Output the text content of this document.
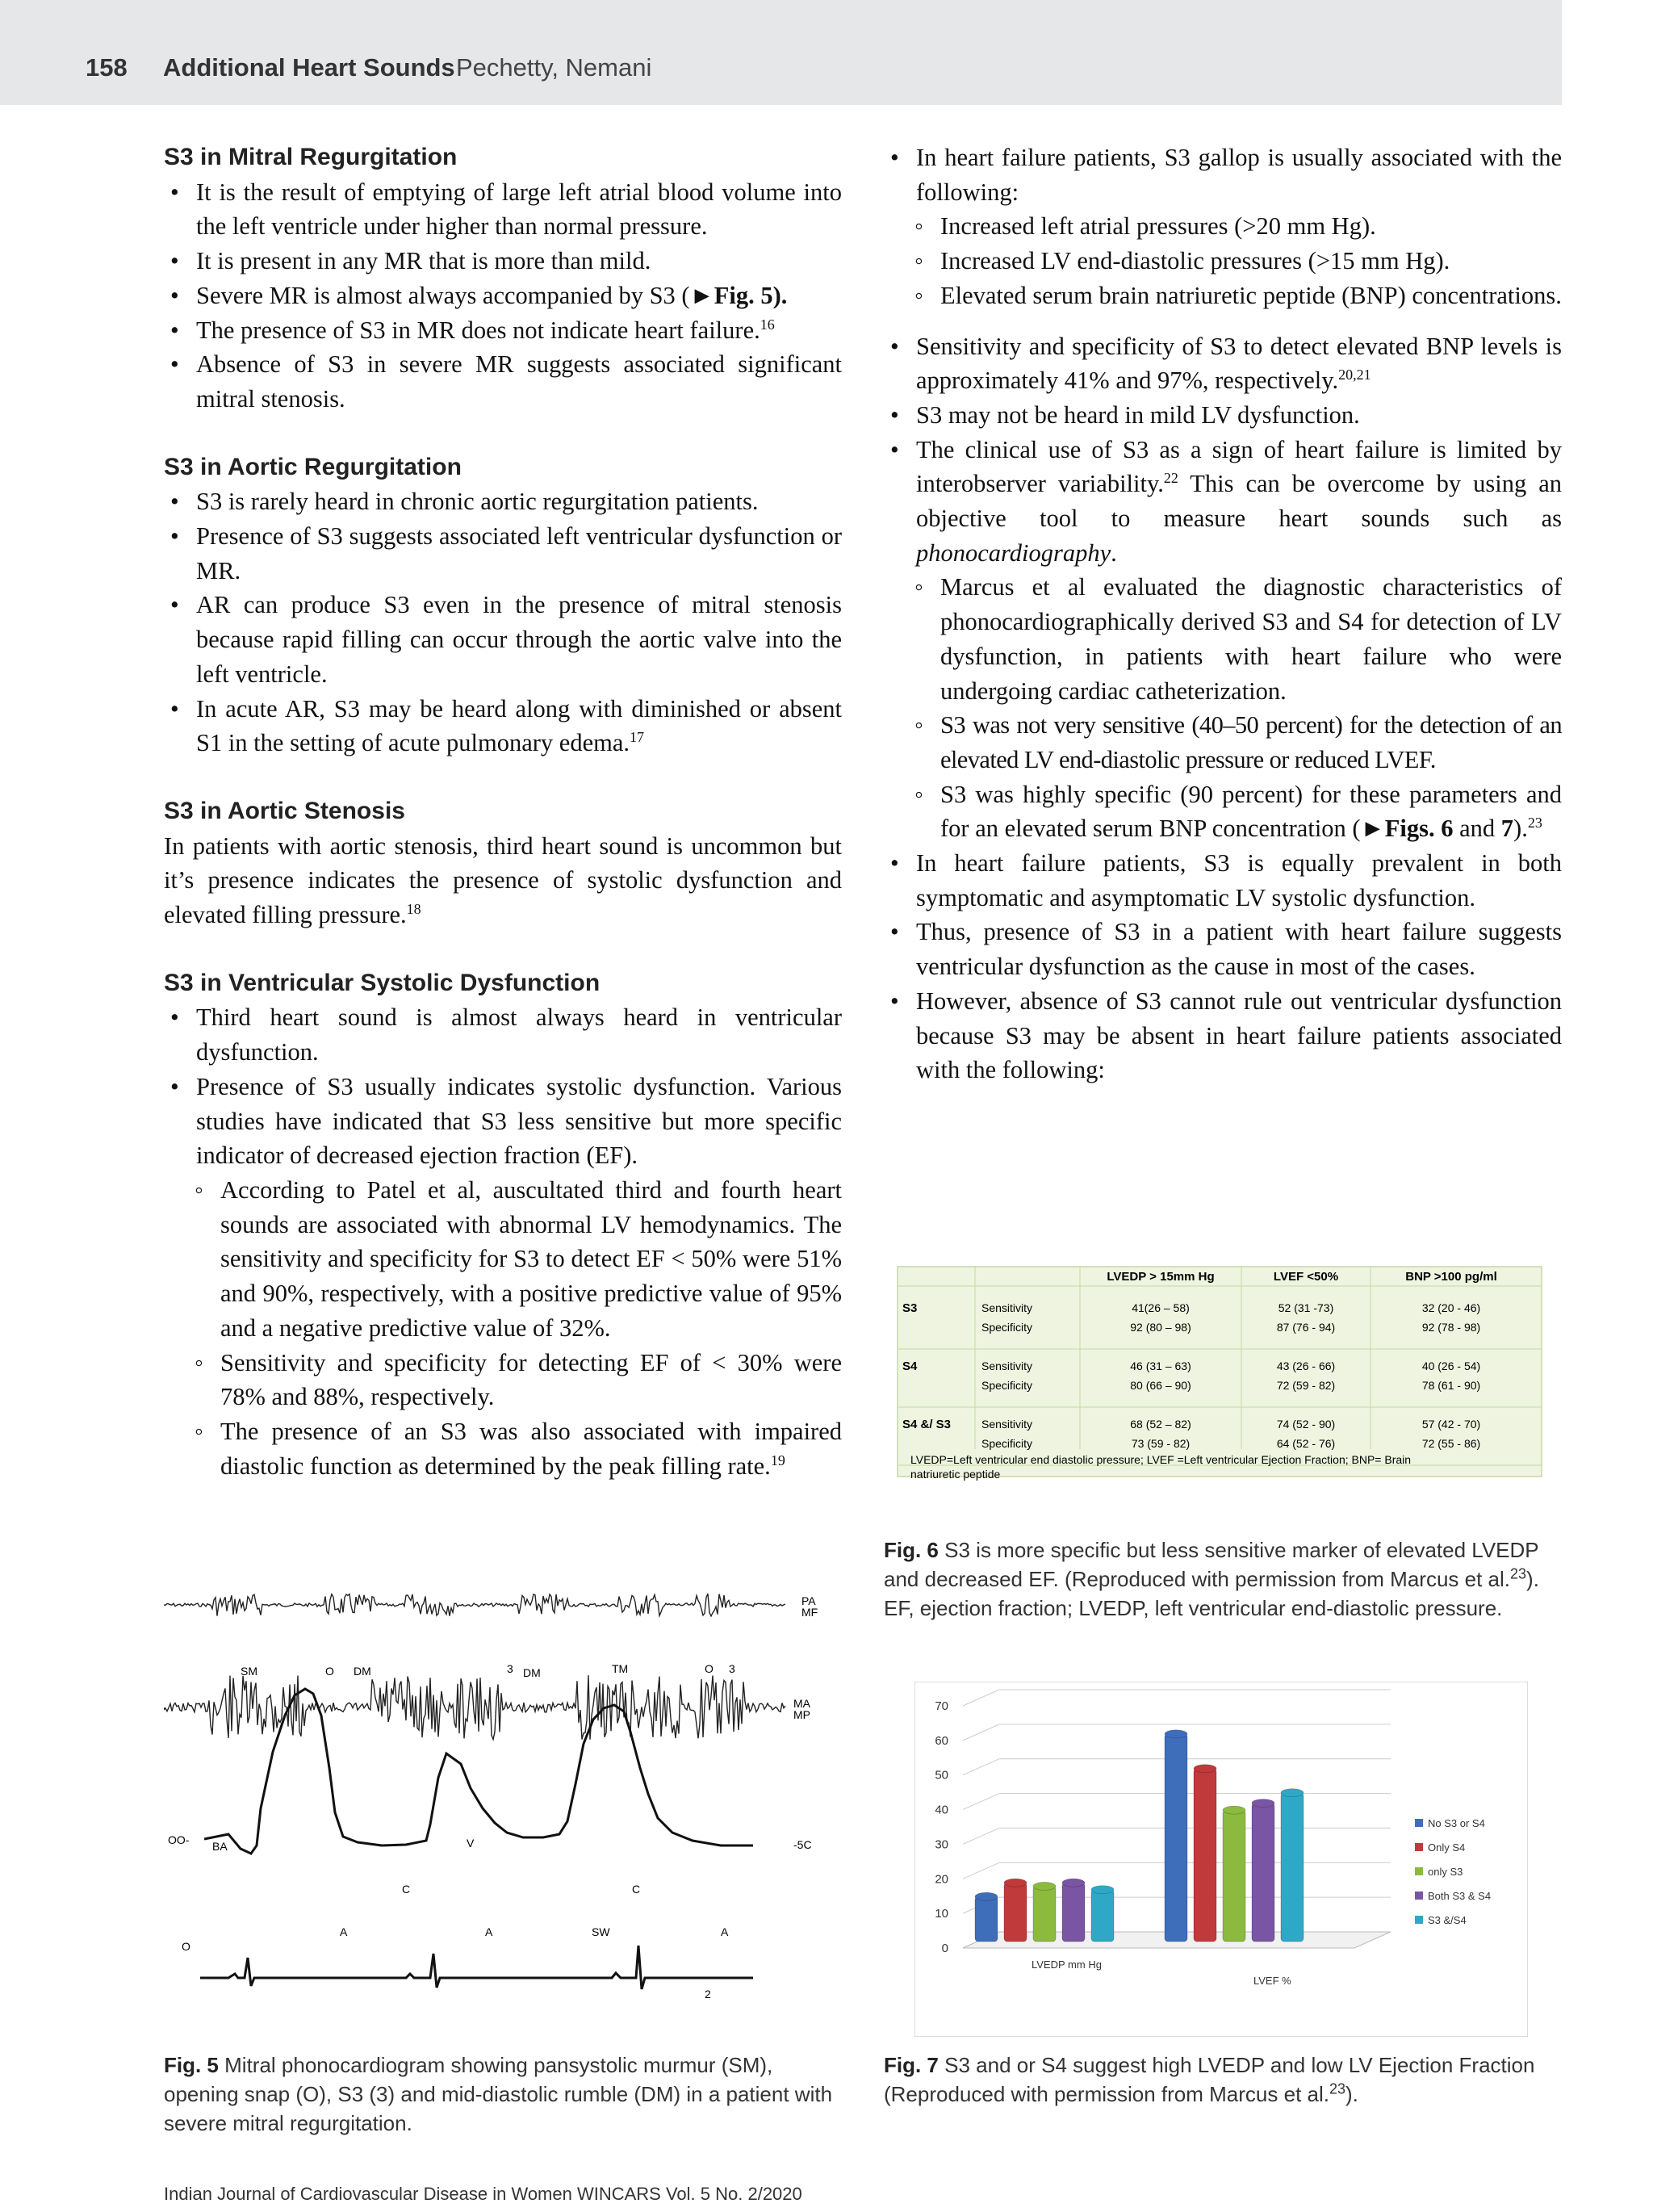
158 Additional Heart Sounds Pechetty, Nemani
S3 in Mitral Regurgitation
• It is the result of emptying of large left atrial blood volume into the left ventricle under higher than normal pressure.
• It is present in any MR that is more than mild.
• Severe MR is almost always accompanied by S3 (►Fig. 5).
• The presence of S3 in MR does not indicate heart failure.$^{16}$
• Absence of S3 in severe MR suggests associated significant mitral stenosis.
S3 in Aortic Regurgitation
• S3 is rarely heard in chronic aortic regurgitation patients.
• Presence of S3 suggests associated left ventricular dysfunction or MR.
• AR can produce S3 even in the presence of mitral stenosis because rapid filling can occur through the aortic valve into the left ventricle.
• In acute AR, S3 may be heard along with diminished or absent S1 in the setting of acute pulmonary edema.$^{17}$
S3 in Aortic Stenosis

In patients with aortic stenosis, third heart sound is uncommon but it’s presence indicates the presence of systolic dysfunction and elevated filling pressure.$^{18}$

S3 in Ventricular Systolic Dysfunction
• Third heart sound is almost always heard in ventricular dysfunction.
• Presence of S3 usually indicates systolic dysfunction. Various studies have indicated that S3 less sensitive but more specific indicator of decreased ejection fraction (EF).
◦ According to Patel et al, auscultated third and fourth heart sounds are associated with abnormal LV hemodynamics. The sensitivity and specificity for S3 to detect EF < 50% were 51% and 90%, respectively, with a positive predictive value of 95% and a negative predictive value of 32%.
◦ Sensitivity and specificity for detecting EF of < 30% were 78% and 88%, respectively.
◦ The presence of an S3 was also associated with impaired diastolic function as determined by the peak filling rate.$^{19}$
• In heart failure patients, S3 gallop is usually associated with the following:
◦ Increased left atrial pressures (>20 mm Hg).
◦ Increased LV end-diastolic pressures (>15 mm Hg).
◦ Elevated serum brain natriuretic peptide (BNP) concentrations.
• Sensitivity and specificity of S3 to detect elevated BNP levels is approximately 41% and 97%, respectively.$^{20,21}$
• S3 may not be heard in mild LV dysfunction.
• The clinical use of S3 as a sign of heart failure is limited by interobserver variability.$^{22}$ This can be overcome by using an objective tool to measure heart sounds such as phonocardiography.
◦ Marcus et al evaluated the diagnostic characteristics of phonocardiographically derived S3 and S4 for detection of LV dysfunction, in patients with heart failure who were undergoing cardiac catheterization.
◦ S3 was not very sensitive (40–50 percent) for the detection of an elevated LV end-diastolic pressure or reduced LVEF.
◦ S3 was highly specific (90 percent) for these parameters and for an elevated serum BNP concentration (►Figs. 6 and 7).$^{23}$
• In heart failure patients, S3 is equally prevalent in both symptomatic and asymptomatic LV systolic dysfunction.
• Thus, presence of S3 in a patient with heart failure suggests ventricular dysfunction as the cause in most of the cases.
• However, absence of S3 cannot rule out ventricular dysfunction because S3 may be absent in heart failure patients associated with the following:
LVEDP > 15mm Hg	LVEF <50%	BNP >100 pg/ml
S3	Sensitivity	41(26 – 58)	52 (31 -73)	32 (20 - 46)
Specificity	92 (80 – 98)	87 (76 - 94)	92 (78 - 98)
S4	Sensitivity	46 (31 – 63)	43 (26 - 66)	40 (26 - 54)
Specificity	80 (66 – 90)	72 (59 - 82)	78 (61 - 90)
S4 &/ S3	Sensitivity	68 (52 – 82)	74 (52 - 90)	57 (42 - 70)
Specificity	73 (59 - 82)	64 (52 - 76)	72 (55 - 86)
LVEDP=Left ventricular end diastolic pressure; LVEF =Left ventricular Ejection Fraction; BNP= Brain
natriuretic peptide
Fig. 6 S3 is more specific but less sensitive marker of elevated LVEDP and decreased EF. (Reproduced with permission from Marcus et al.$^{23}$).
EF, ejection fraction; LVEDP, left ventricular end-diastolic pressure.
PA
MF
MA
MP
SM	O DM	3 DM	TM	O 3
OO- BA	-5C
V
C	C
A	A	SW	A
O
2
Fig. 5 Mitral phonocardiogram showing pansystolic murmur (SM), opening snap (O), S3 (3) and mid-diastolic rumble (DM) in a patient with severe mitral regurgitation.
0
10
20
30
40
50
60
70
LVEDP mm Hg
LVEF %
No S3 or S4
Only S4
only S3
Both S3 & S4
S3 &/S4
Fig. 7 S3 and or S4 suggest high LVEDP and low LV Ejection Fraction (Reproduced with permission from Marcus et al.$^{23}$).
Indian Journal of Cardiovascular Disease in Women WINCARS Vol. 5 No. 2/2020
